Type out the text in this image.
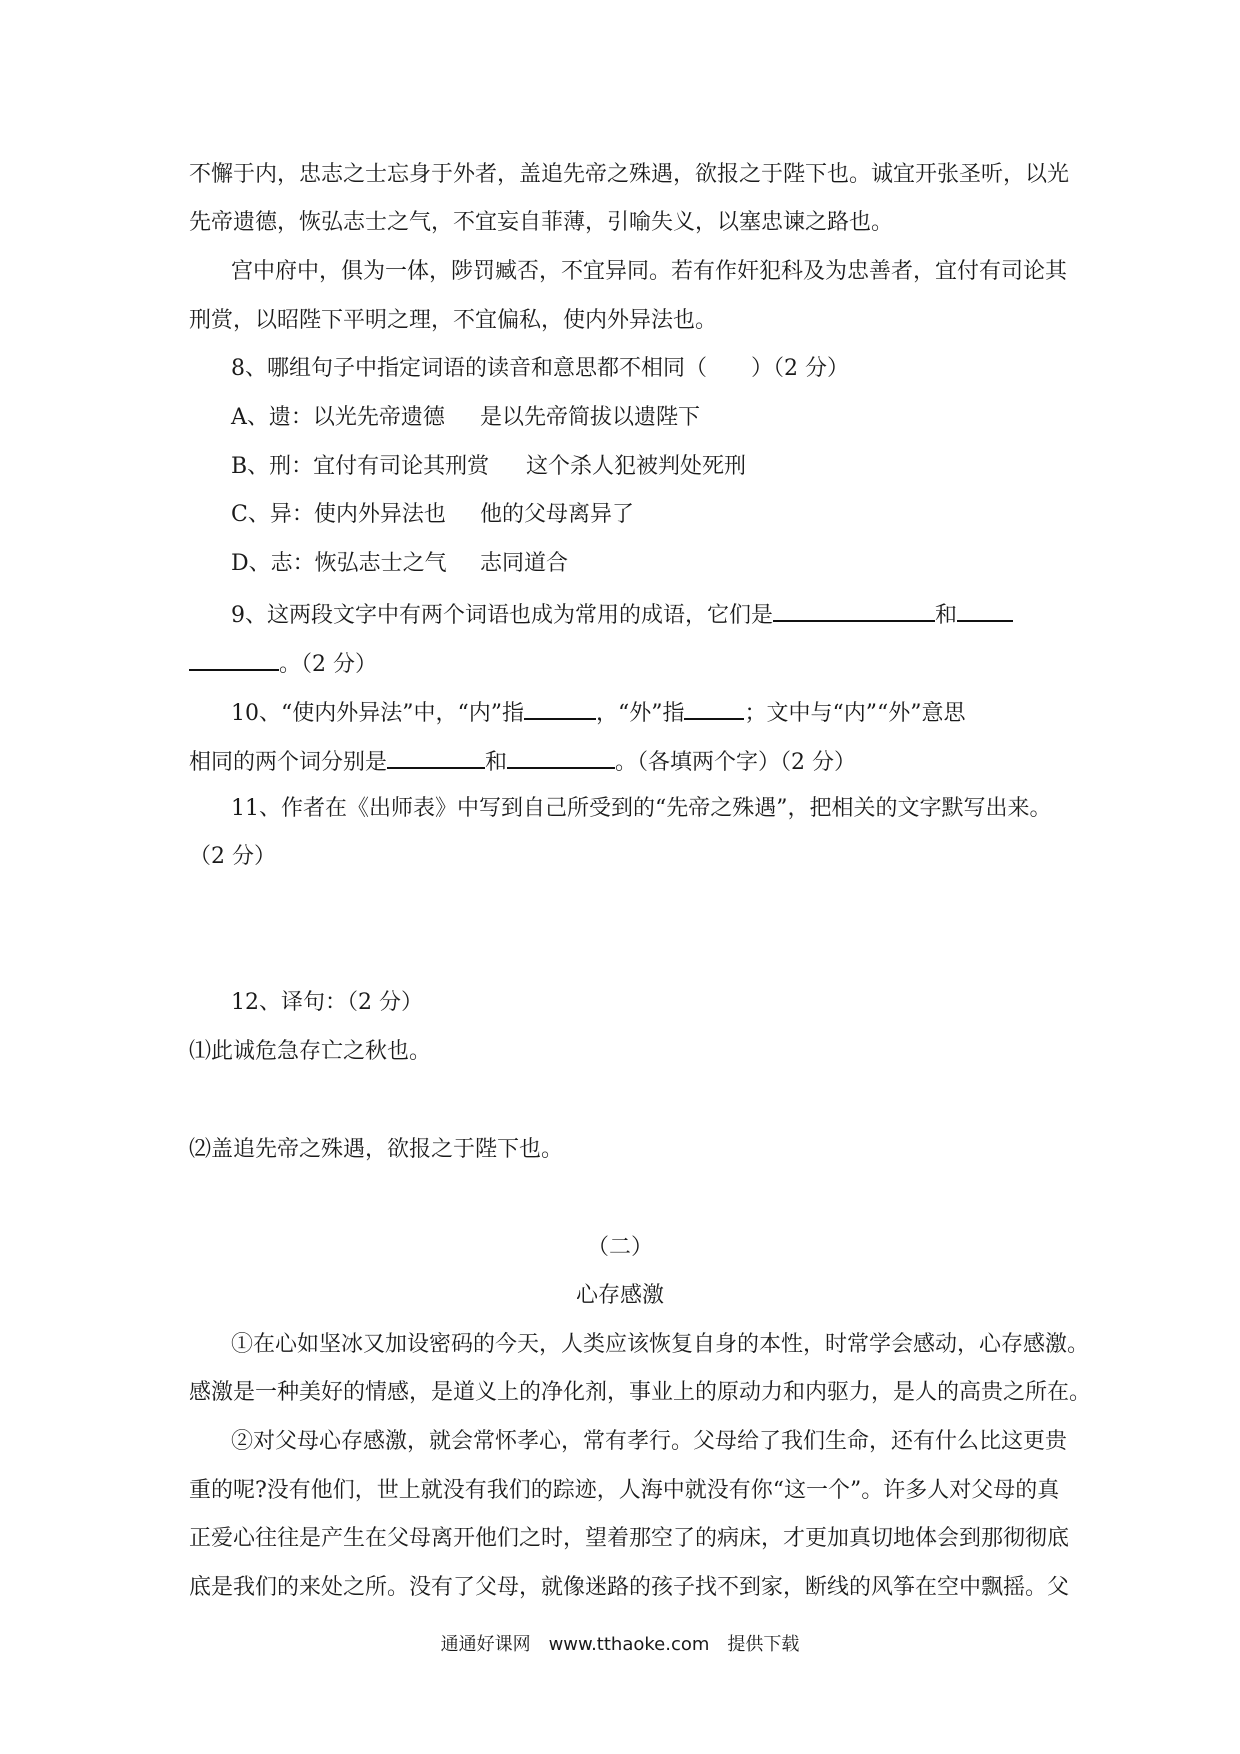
不懈于内，忠志之士忘身于外者，盖追先帝之殊遇，欲报之于陛下也。诚宜开张圣听，以光
先帝遗德，恢弘志士之气，不宜妄自菲薄，引喻失义，以塞忠谏之路也。
宫中府中，俱为一体，陟罚臧否，不宜异同。若有作奸犯科及为忠善者，宜付有司论其
刑赏，以昭陛下平明之理，不宜偏私，使内外异法也。
8、哪组句子中指定词语的读音和意思都不相同（　　）（2 分）
A、遗：以光先帝遗德 是以先帝简拔以遗陛下
B、刑：宜付有司论其刑赏 这个杀人犯被判处死刑
C、异：使内外异法也 他的父母离异了
D、志：恢弘志士之气 志同道合
9、这两段文字中有两个词语也成为常用的成语，它们是	和
。（2 分）
10、“使内外异法”中，“内”指	，“外”指	；文中与“内”“外”意思
相同的两个词分别是	和	。（各填两个字）（2 分）
11、作者在《出师表》中写到自己所受到的“先帝之殊遇”，把相关的文字默写出来。
（2 分）
12、译句：（2 分）
⑴此诚危急存亡之秋也。
⑵盖追先帝之殊遇，欲报之于陛下也。
（二）
心存感激
①在心如坚冰又加设密码的今天，人类应该恢复自身的本性，时常学会感动，心存感激。
感激是一种美好的情感，是道义上的净化剂，事业上的原动力和内驱力，是人的高贵之所在。
②对父母心存感激，就会常怀孝心，常有孝行。父母给了我们生命，还有什么比这更贵
重的呢?没有他们，世上就没有我们的踪迹，人海中就没有你“这一个”。许多人对父母的真
正爱心往往是产生在父母离开他们之时，望着那空了的病床，才更加真切地体会到那彻彻底
底是我们的来处之所。没有了父母，就像迷路的孩子找不到家，断线的风筝在空中飘摇。父
通通好课网　www.tthaoke.com　提供下载
